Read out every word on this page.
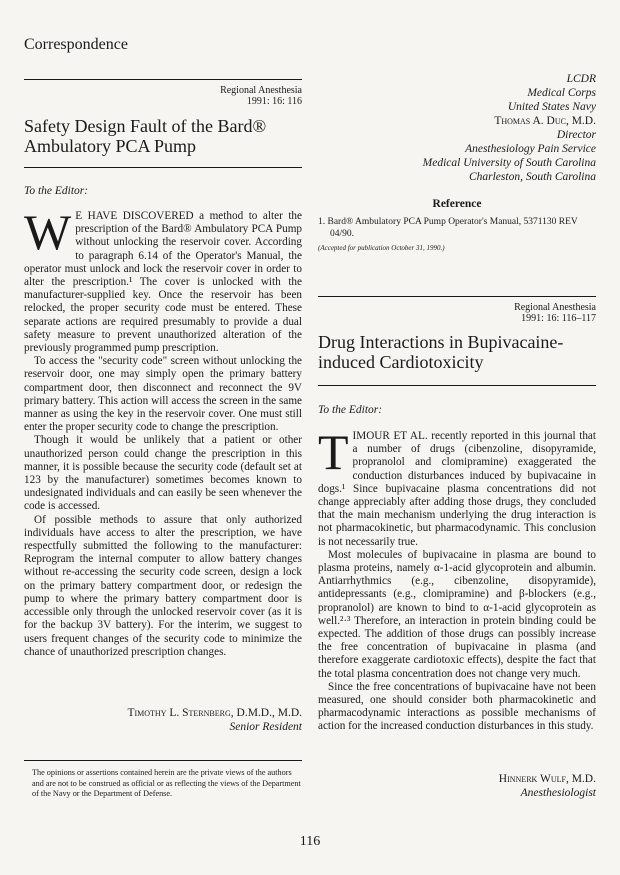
Correspondence
Regional Anesthesia
1991: 16: 116
Safety Design Fault of the Bard®
Ambulatory PCA Pump
To the Editor:

W E HAVE DISCOVERED a method to alter the prescription of the Bard® Ambulatory PCA Pump without unlocking the reservoir cover. According to paragraph 6.14 of the Operator's Manual, the operator must unlock and lock the reservoir cover in order to alter the prescription.¹ The cover is unlocked with the manufacturer-supplied key. Once the reservoir has been relocked, the proper security code must be entered. These separate actions are required presumably to provide a dual safety measure to prevent unauthorized alteration of the previously programmed pump prescription.

To access the "security code" screen without unlocking the reservoir door, one may simply open the primary battery compartment door, then disconnect and reconnect the 9V primary battery. This action will access the screen in the same manner as using the key in the reservoir cover. One must still enter the proper security code to change the prescription.

Though it would be unlikely that a patient or other unauthorized person could change the prescription in this manner, it is possible because the security code (default set at 123 by the manufacturer) sometimes becomes known to undesignated individuals and can easily be seen whenever the code is accessed.

Of possible methods to assure that only authorized individuals have access to alter the prescription, we have respectfully submitted the following to the manufacturer: Reprogram the internal computer to allow battery changes without re-accessing the security code screen, design a lock on the primary battery compartment door, or redesign the pump to where the primary battery compartment door is accessible only through the unlocked reservoir cover (as it is for the backup 3V battery). For the interim, we suggest to users frequent changes of the security code to minimize the chance of unauthorized prescription changes.

Timothy L. Sternberg, D.M.D., M.D.
Senior Resident
The opinions or assertions contained herein are the private views of the authors and are not to be construed as official or as reflecting the views of the Department of the Navy or the Department of Defense.
LCDR
Medical Corps
United States Navy
Thomas A. Duc, M.D.
Director
Anesthesiology Pain Service
Medical University of South Carolina
Charleston, South Carolina
Reference
1. Bard® Ambulatory PCA Pump Operator's Manual, 5371130 REV 04/90.
(Accepted for publication October 31, 1990.)
Regional Anesthesia
1991: 16: 116–117
Drug Interactions in Bupivacaine-
induced Cardiotoxicity
To the Editor:

TIMOUR ET AL. recently reported in this journal that a number of drugs (cibenzoline, disopyramide, propranolol and clomipramine) exaggerated the conduction disturbances induced by bupivacaine in dogs.¹ Since bupivacaine plasma concentrations did not change appreciably after adding those drugs, they concluded that the main mechanism underlying the drug interaction is not pharmacokinetic, but pharmacodynamic. This conclusion is not necessarily true.

Most molecules of bupivacaine in plasma are bound to plasma proteins, namely α-1-acid glycoprotein and albumin. Antiarrhythmics (e.g., cibenzoline, disopyramide), antidepressants (e.g., clomipramine) and β-blockers (e.g., propranolol) are known to bind to α-1-acid glycoprotein as well.²·³ Therefore, an interaction in protein binding could be expected. The addition of those drugs can possibly increase the free concentration of bupivacaine in plasma (and therefore exaggerate cardiotoxic effects), despite the fact that the total plasma concentration does not change very much.

Since the free concentrations of bupivacaine have not been measured, one should consider both pharmacokinetic and pharmacodynamic interactions as possible mechanisms of action for the increased conduction disturbances in this study.

Hinnerk Wulf, M.D.
Anesthesiologist
116
